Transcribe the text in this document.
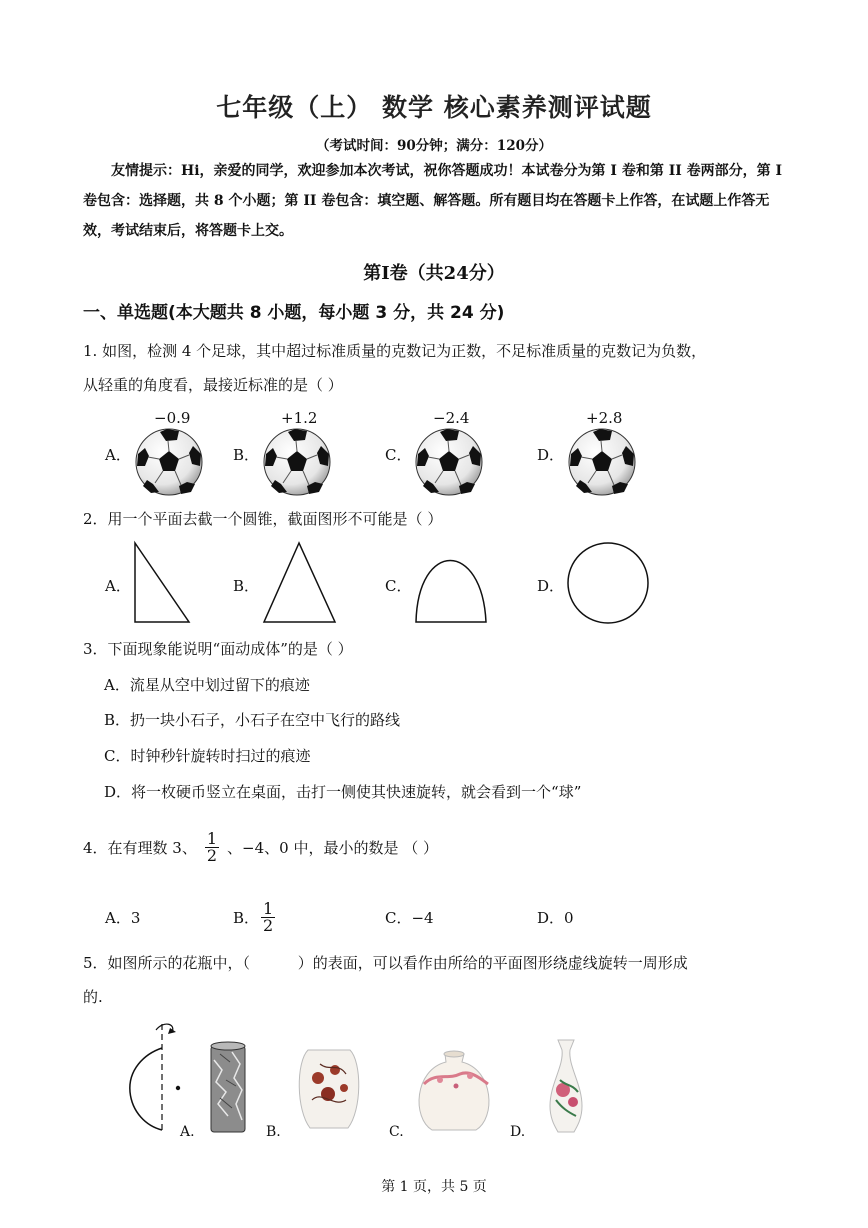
七年级（上） 数学 核心素养测评试题
（考试时间：90分钟；满分：120分）
友情提示：Hi，亲爱的同学，欢迎参加本次考试，祝你答题成功！本试卷分为第 I 卷和第 II 卷两部分，第 I 卷包含：选择题，共 8 个小题；第 II 卷包含：填空题、解答题。所有题目均在答题卡上作答，在试题上作答无效，考试结束后，将答题卡上交。
第Ⅰ卷（共24分）
一、单选题(本大题共 8 小题，每小题 3 分，共 24 分)
1. 如图，检测 4 个足球，其中超过标准质量的克数记为正数，不足标准质量的克数记为负数，
从轻重的角度看，最接近标准的是（ ）
A．
−0.9
B．
+1.2
C．
−2.4
D．
+2.8
2．用一个平面去截一个圆锥，截面图形不可能是（ ）
A．	B．	C．	D．
3．下面现象能说明“面动成体”的是（ ）
A．流星从空中划过留下的痕迹
B．扔一块小石子，小石子在空中飞行的路线
C．时钟秒针旋转时扫过的痕迹
D．将一枚硬币竖立在桌面，击打一侧使其快速旋转，就会看到一个“球”
4．在有理数 3、 $\frac{1}{2}$ 、−4、0 中，最小的数是 （ ）
A．3	B． $\frac{1}{2}$	C．−4	D．0
5．如图所示的花瓶中，（          ）的表面，可以看作由所给的平面图形绕虚线旋转一周形成
的.
A.	B.	C.	D.
第 1 页，共 5 页
